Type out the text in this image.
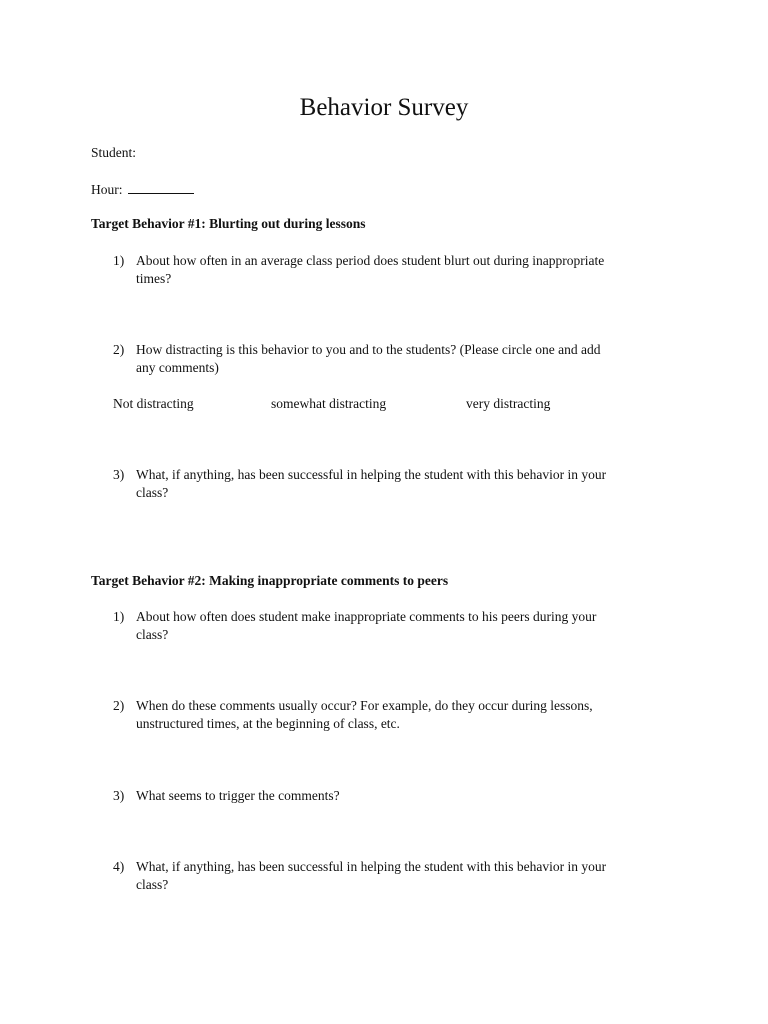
Behavior Survey
Student:
Hour:
Target Behavior #1: Blurting out during lessons
1) About how often in an average class period does student blurt out during inappropriate
times?
2) How distracting is this behavior to you and to the students? (Please circle one and add
any comments)
Not distracting	somewhat distracting	very distracting
3) What, if anything, has been successful in helping the student with this behavior in your
class?
Target Behavior #2: Making inappropriate comments to peers
1) About how often does student make inappropriate comments to his peers during your
class?
2) When do these comments usually occur? For example, do they occur during lessons,
unstructured times, at the beginning of class, etc.
3) What seems to trigger the comments?
4) What, if anything, has been successful in helping the student with this behavior in your
class?
